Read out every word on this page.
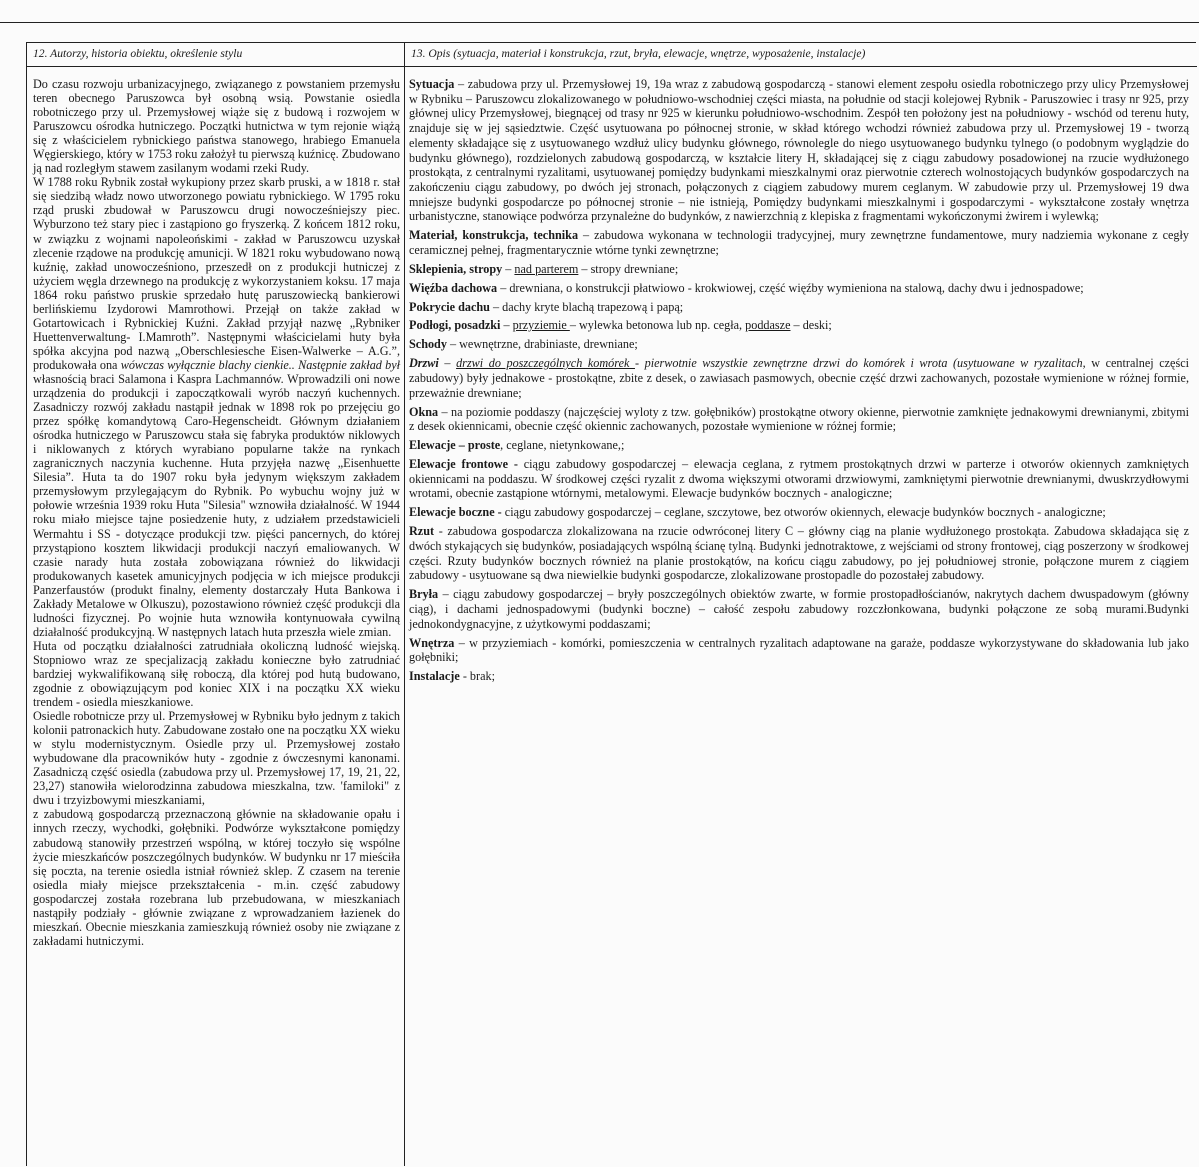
12. Autorzy, historia obiektu, określenie stylu

Do czasu rozwoju urbanizacyjnego, związanego z powstaniem przemysłu teren obecnego Paruszowca był osobną wsią. Powstanie osiedla robotniczego przy ul. Przemysłowej wiąże się z budową i rozwojem w Paruszowcu ośrodka hutniczego. Początki hutnictwa w tym rejonie wiążą się z właścicielem rybnickiego państwa stanowego, hrabiego Emanuela Węgierskiego, który w 1753 roku założył tu pierwszą kuźnicę. Zbudowano ją nad rozległym stawem zasilanym wodami rzeki Rudy.

W 1788 roku Rybnik został wykupiony przez skarb pruski, a w 1818 r. stał się siedzibą władz nowo utworzonego powiatu rybnickiego. W 1795 roku rząd pruski zbudował w Paruszowcu drugi nowocześniejszy piec. Wyburzono też stary piec i zastąpiono go fryszerką. Z końcem 1812 roku, w związku z wojnami napoleońskimi - zakład w Paruszowcu uzyskał zlecenie rządowe na produkcję amunicji. W 1821 roku wybudowano nową kuźnię, zakład unowocześniono, przeszedł on z produkcji hutniczej z użyciem węgla drzewnego na produkcję z wykorzystaniem koksu. 17 maja 1864 roku państwo pruskie sprzedało hutę paruszowiecką bankierowi berlińskiemu Izydorowi Mamrothowi. Przejął on także zakład w Gotartowicach i Rybnickiej Kuźni. Zakład przyjął nazwę „Rybniker Huettenverwaltung- I.Mamroth”. Następnymi właścicielami huty była spółka akcyjna pod nazwą „Oberschlesiesche Eisen-Walwerke – A.G.”, produkowała ona wówczas wyłącznie blachy cienkie.. Następnie zakład był własnością braci Salamona i Kaspra Lachmannów. Wprowadzili oni nowe urządzenia do produkcji i zapoczątkowali wyrób naczyń kuchennych. Zasadniczy rozwój zakładu nastąpił jednak w 1898 rok po przejęciu go przez spółkę komandytową Caro-Hegenscheidt. Głównym działaniem ośrodka hutniczego w Paruszowcu stała się fabryka produktów niklowych i niklowanych z których wyrabiano popularne także na rynkach zagranicznych naczynia kuchenne. Huta przyjęła nazwę „Eisenhuette Silesia”. Huta ta do 1907 roku była jedynym większym zakładem przemysłowym przylegającym do Rybnik. Po wybuchu wojny już w połowie września 1939 roku Huta "Silesia" wznowiła działalność. W 1944 roku miało miejsce tajne posiedzenie huty, z udziałem przedstawicieli Wermahtu i SS - dotyczące produkcji tzw. pięści pancernych, do której przystąpiono kosztem likwidacji produkcji naczyń emaliowanych. W czasie narady huta została zobowiązana również do likwidacji produkowanych kasetek amunicyjnych podjęcia w ich miejsce produkcji Panzerfaustów (produkt finalny, elementy dostarczały Huta Bankowa i Zakłady Metalowe w Olkuszu), pozostawiono również część produkcji dla ludności fizycznej. Po wojnie huta wznowiła kontynuowała cywilną działalność produkcyjną. W następnych latach huta przeszła wiele zmian.

Huta od początku działalności zatrudniała okoliczną ludność wiejską. Stopniowo wraz ze specjalizacją zakładu konieczne było zatrudniać bardziej wykwalifikowaną siłę roboczą, dla której pod hutą budowano, zgodnie z obowiązującym pod koniec XIX i na początku XX wieku trendem - osiedla mieszkaniowe.

Osiedle robotnicze przy ul. Przemysłowej w Rybniku było jednym z takich kolonii patronackich huty. Zabudowane zostało one na początku XX wieku w stylu modernistycznym. Osiedle przy ul. Przemysłowej zostało wybudowane dla pracowników huty - zgodnie z ówczesnymi kanonami. Zasadniczą część osiedla (zabudowa przy ul. Przemysłowej 17, 19, 21, 22, 23,27) stanowiła wielorodzinna zabudowa mieszkalna, tzw. 'familoki" z dwu i trzyizbowymi mieszkaniami,

z zabudową gospodarczą przeznaczoną głównie na składowanie opału i innych rzeczy, wychodki, gołębniki. Podwórze wykształcone pomiędzy zabudową stanowiły przestrzeń wspólną, w której toczyło się wspólne życie mieszkańców poszczególnych budynków. W budynku nr 17 mieściła się poczta, na terenie osiedla istniał również sklep. Z czasem na terenie osiedla miały miejsce przekształcenia - m.in. część zabudowy gospodarczej została rozebrana lub przebudowana, w mieszkaniach nastąpiły podziały - głównie związane z wprowadzaniem łazienek do mieszkań. Obecnie mieszkania zamieszkują również osoby nie związane z zakładami hutniczymi.

13. Opis (sytuacja, materiał i konstrukcja, rzut, bryła, elewacje, wnętrze, wyposażenie, instalacje)

Sytuacja – zabudowa przy ul. Przemysłowej 19, 19a wraz z zabudową gospodarczą - stanowi element zespołu osiedla robotniczego przy ulicy Przemysłowej w Rybniku – Paruszowcu zlokalizowanego w południowo-wschodniej części miasta, na południe od stacji kolejowej Rybnik - Paruszowiec i trasy nr 925, przy głównej ulicy Przemysłowej, biegnącej od trasy nr 925 w kierunku południowo-wschodnim. Zespół ten położony jest na południowy - wschód od terenu huty, znajduje się w jej sąsiedztwie. Część usytuowana po północnej stronie, w skład którego wchodzi również zabudowa przy ul. Przemysłowej 19 - tworzą elementy składające się z usytuowanego wzdłuż ulicy budynku głównego, równolegle do niego usytuowanego budynku tylnego (o podobnym wyglądzie do budynku głównego), rozdzielonych zabudową gospodarczą, w kształcie litery H, składającej się z ciągu zabudowy posadowionej na rzucie wydłużonego prostokąta, z centralnymi ryzalitami, usytuowanej pomiędzy budynkami mieszkalnymi oraz pierwotnie czterech wolnostojących budynków gospodarczych na zakończeniu ciągu zabudowy, po dwóch jej stronach, połączonych z ciągiem zabudowy murem ceglanym. W zabudowie przy ul. Przemysłowej 19 dwa mniejsze budynki gospodarcze po północnej stronie – nie istnieją, Pomiędzy budynkami mieszkalnymi i gospodarczymi - wykształcone zostały wnętrza urbanistyczne, stanowiące podwórza przynależne do budynków, z nawierzchnią z klepiska z fragmentami wykończonymi żwirem i wylewką;

Materiał, konstrukcja, technika – zabudowa wykonana w technologii tradycyjnej, mury zewnętrzne fundamentowe, mury nadziemia wykonane z cegły ceramicznej pełnej, fragmentarycznie wtórne tynki zewnętrzne;

Sklepienia, stropy – nad parterem – stropy drewniane;

Więźba dachowa – drewniana, o konstrukcji płatwiowo - krokwiowej, część więźby wymieniona na stalową, dachy dwu i jednospadowe;

Pokrycie dachu – dachy kryte blachą trapezową i papą;

Podłogi, posadzki – przyziemie – wylewka betonowa lub np. cegła, poddasze – deski;

Schody – wewnętrzne, drabiniaste, drewniane;

Drzwi – drzwi do poszczególnych komórek - pierwotnie wszystkie zewnętrzne drzwi do komórek i wrota (usytuowane w ryzalitach, w centralnej części zabudowy) były jednakowe - prostokątne, zbite z desek, o zawiasach pasmowych, obecnie część drzwi zachowanych, pozostałe wymienione w różnej formie, przeważnie drewniane;

Okna – na poziomie poddaszy (najczęściej wyloty z tzw. gołębników) prostokątne otwory okienne, pierwotnie zamknięte jednakowymi drewnianymi, zbitymi z desek okiennicami, obecnie część okiennic zachowanych, pozostałe wymienione w różnej formie;

Elewacje – proste, ceglane, nietynkowane,;

Elewacje frontowe - ciągu zabudowy gospodarczej – elewacja ceglana, z rytmem prostokątnych drzwi w parterze i otworów okiennych zamkniętych okiennicami na poddaszu. W środkowej części ryzalit z dwoma większymi otworami drzwiowymi, zamkniętymi pierwotnie drewnianymi, dwuskrzydłowymi wrotami, obecnie zastąpione wtórnymi, metalowymi. Elewacje budynków bocznych - analogiczne;

Elewacje boczne - ciągu zabudowy gospodarczej – ceglane, szczytowe, bez otworów okiennych, elewacje budynków bocznych - analogiczne;

Rzut - zabudowa gospodarcza zlokalizowana na rzucie odwróconej litery C – główny ciąg na planie wydłużonego prostokąta. Zabudowa składająca się z dwóch stykających się budynków, posiadających wspólną ścianę tylną. Budynki jednotraktowe, z wejściami od strony frontowej, ciąg poszerzony w środkowej części. Rzuty budynków bocznych również na planie prostokątów, na końcu ciągu zabudowy, po jej południowej stronie, połączone murem z ciągiem zabudowy - usytuowane są dwa niewielkie budynki gospodarcze, zlokalizowane prostopadle do pozostałej zabudowy.

Bryła – ciągu zabudowy gospodarczej – bryły poszczególnych obiektów zwarte, w formie prostopadłościanów, nakrytych dachem dwuspadowym (główny ciąg), i dachami jednospadowymi (budynki boczne) – całość zespołu zabudowy rozczłonkowana, budynki połączone ze sobą murami.Budynki jednokondygnacyjne, z użytkowymi poddaszami;

Wnętrza – w przyziemiach - komórki, pomieszczenia w centralnych ryzalitach adaptowane na garaże, poddasze wykorzystywane do składowania lub jako gołębniki;

Instalacje - brak;
